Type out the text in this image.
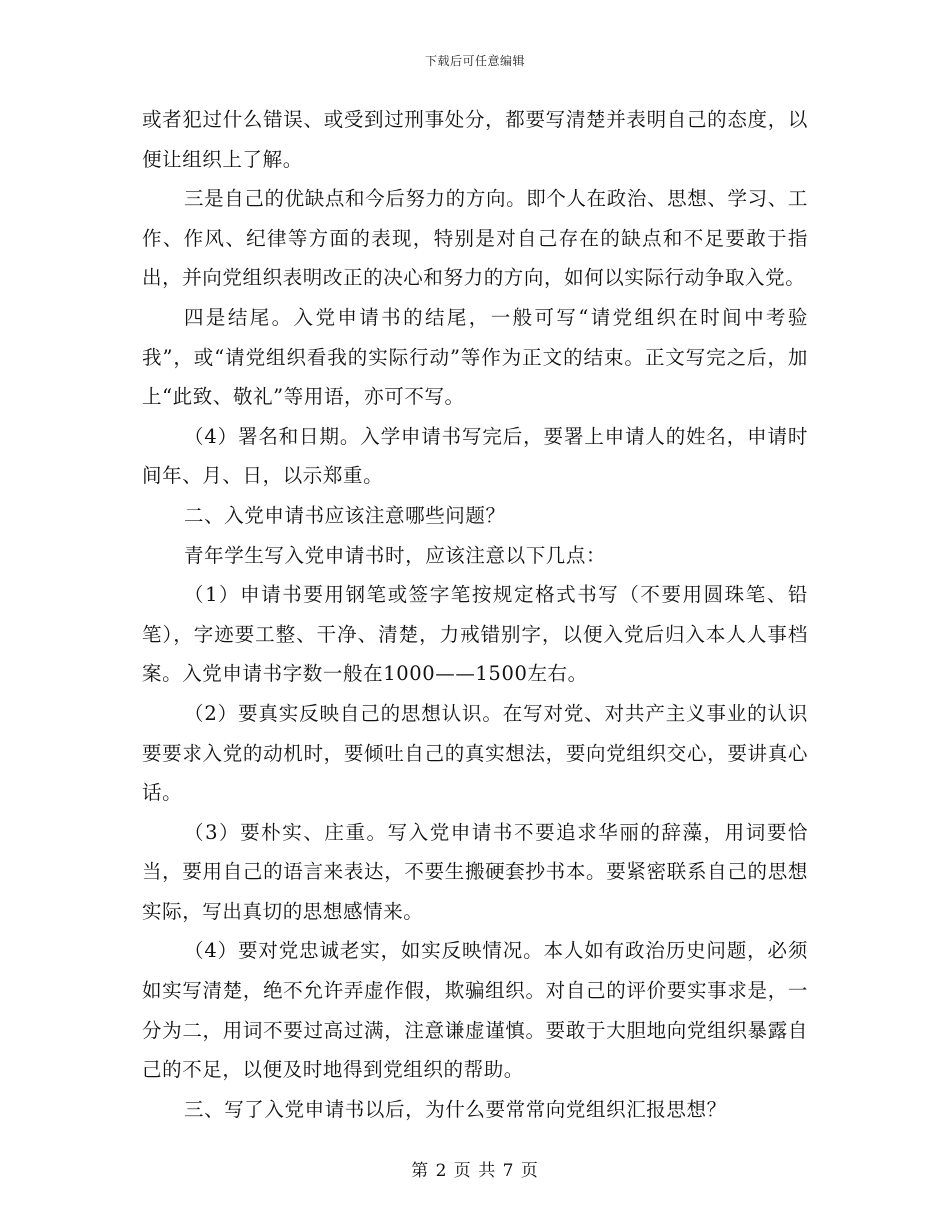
下载后可任意编辑

或者犯过什么错误、或受到过刑事处分，都要写清楚并表明自己的态度，以便让组织上了解。

三是自己的优缺点和今后努力的方向。即个人在政治、思想、学习、工作、作风、纪律等方面的表现，特别是对自己存在的缺点和不足要敢于指出，并向党组织表明改正的决心和努力的方向，如何以实际行动争取入党。

四是结尾。入党申请书的结尾，一般可写“请党组织在时间中考验我”，或“请党组织看我的实际行动”等作为正文的结束。正文写完之后，加上“此致、敬礼”等用语，亦可不写。

（4）署名和日期。入学申请书写完后，要署上申请人的姓名，申请时间年、月、日，以示郑重。

二、入党申请书应该注意哪些问题？

青年学生写入党申请书时，应该注意以下几点：

（1）申请书要用钢笔或签字笔按规定格式书写（不要用圆珠笔、铅笔），字迹要工整、干净、清楚，力戒错别字，以便入党后归入本人人事档案。入党申请书字数一般在1000——1500左右。

（2）要真实反映自己的思想认识。在写对党、对共产主义事业的认识要要求入党的动机时，要倾吐自己的真实想法，要向党组织交心，要讲真心话。

（3）要朴实、庄重。写入党申请书不要追求华丽的辞藻，用词要恰当，要用自己的语言来表达，不要生搬硬套抄书本。要紧密联系自己的思想实际，写出真切的思想感情来。

（4）要对党忠诚老实，如实反映情况。本人如有政治历史问题，必须如实写清楚，绝不允许弄虚作假，欺骗组织。对自己的评价要实事求是，一分为二，用词不要过高过满，注意谦虚谨慎。要敢于大胆地向党组织暴露自己的不足，以便及时地得到党组织的帮助。

三、写了入党申请书以后，为什么要常常向党组织汇报思想？

第 2 页 共 7 页
